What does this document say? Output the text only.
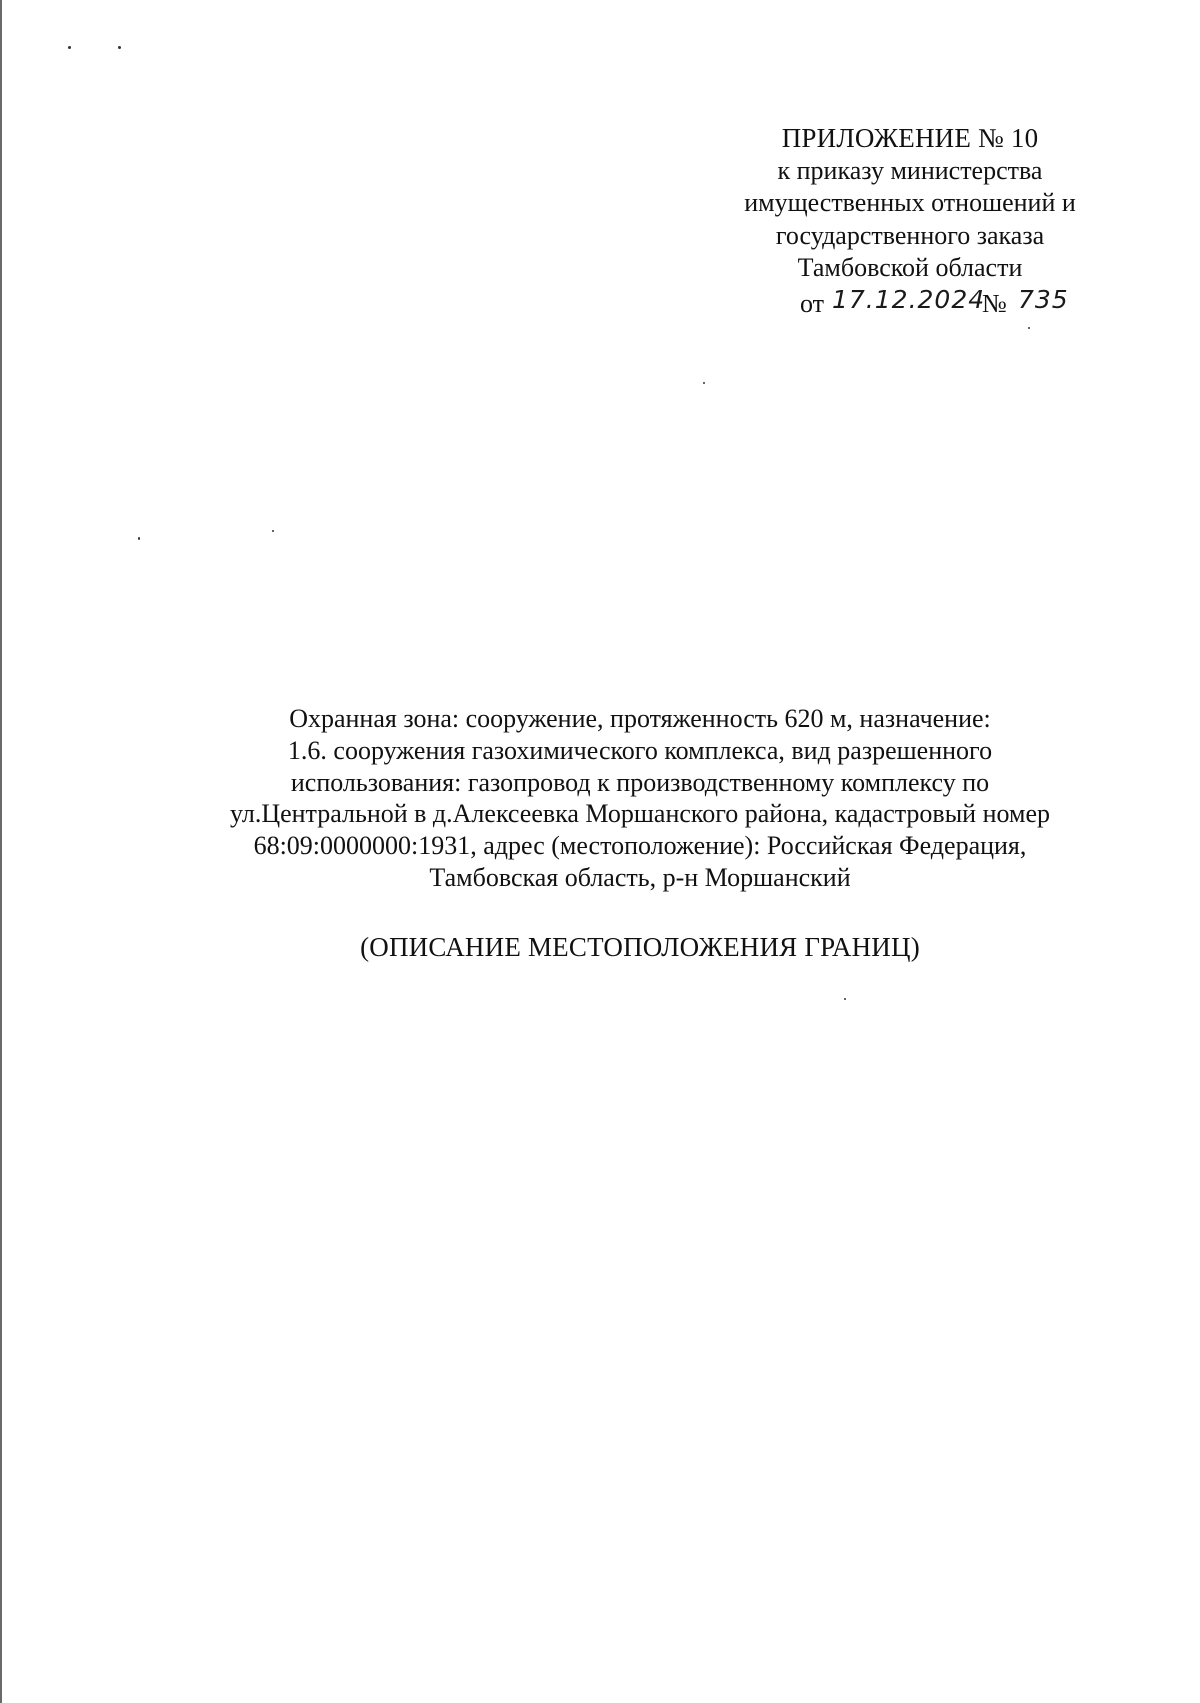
ПРИЛОЖЕНИЕ № 10
к приказу министерства
имущественных отношений и
государственного заказа
Тамбовской области
от 17.12.2024
№ 735
Охранная зона: сооружение, протяженность 620 м, назначение:
1.6. сооружения газохимического комплекса, вид разрешенного
использования: газопровод к производственному комплексу по
ул.Центральной в д.Алексеевка Моршанского района, кадастровый номер
68:09:0000000:1931, адрес (местоположение): Российская Федерация,
Тамбовская область, р-н Моршанский
(ОПИСАНИЕ МЕСТОПОЛОЖЕНИЯ ГРАНИЦ)
